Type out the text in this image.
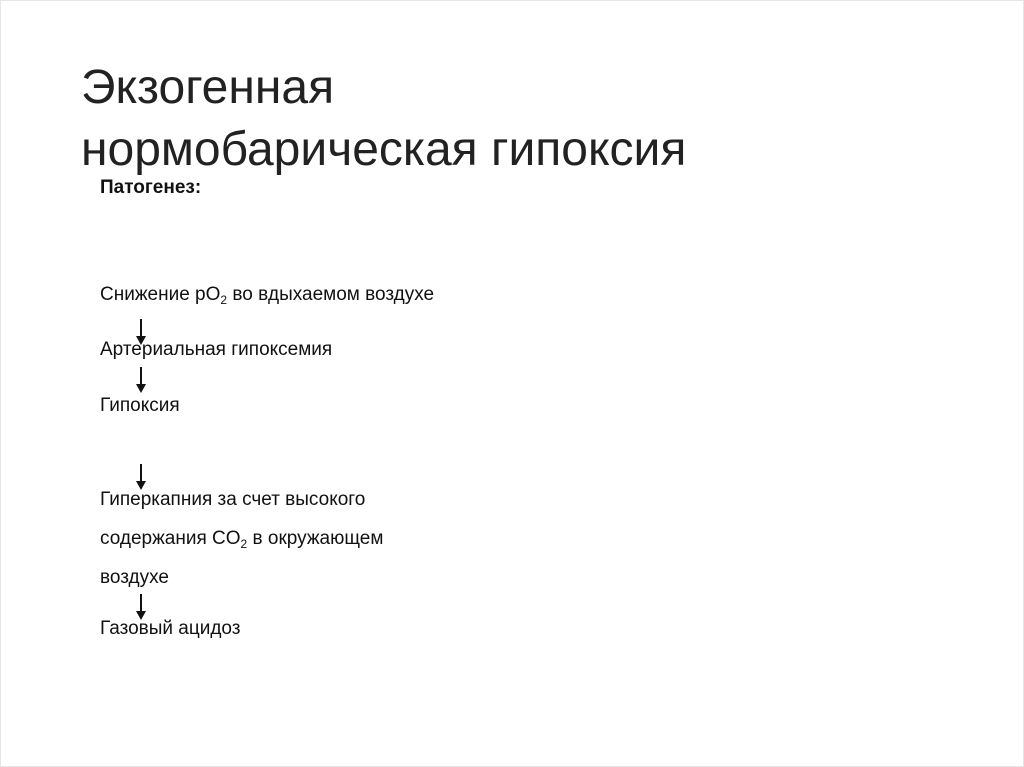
Экзогенная
нормобарическая гипоксия
Патогенез:
Снижение $pO_2$ во вдыхаемом воздухе
Артериальная гипоксемия
Гипоксия
Гиперкапния за счет высокого
содержания $CO_2$ в окружающем
воздухе
Газовый ацидоз
